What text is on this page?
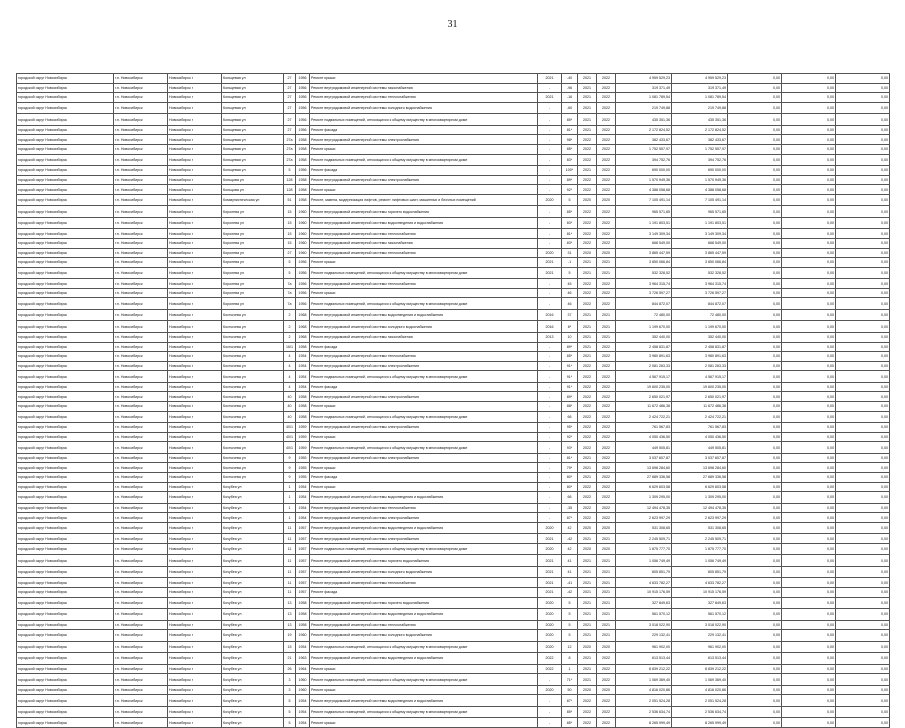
31
городской округ Новосибирск	г.п. Новосибирск	Новосибирск г	Кольцевая ул	27	1956	Ремонт крыши	2021	-40	2021	2022	4 959 529,23	4 959 529,23	0,00	0,00	0,00
городской округ Новосибирск	г.п. Новосибирск	Новосибирск г	Кольцевая ул	27	1956	Ремонт внутридомовой инженерной системы газоснабжения	-	-96	2021	2022	319 371,49	319 371,49	0,00	0,00	0,00
городской округ Новосибирск	г.п. Новосибирск	Новосибирск г	Кольцевая ул	27	1956	Ремонт внутридомовой инженерной системы теплоснабжения	2021	-16	2021	2022	1 081 789,54	1 081 789,54	0,00	0,00	0,00
городской округ Новосибирск	г.п. Новосибирск	Новосибирск г	Кольцевая ул	27	1956	Ремонт внутридомовой инженерной системы холодного водоснабжения	-	-60	2021	2022	219 749,88	219 749,88	0,00	0,00	0,00
городской округ Новосибирск	г.п. Новосибирск	Новосибирск г	Кольцевая ул	27	1956	Ремонт подвальных помещений, относящихся к общему имуществу в многоквартирном доме	-	85*	2021	2022	435 351,36	435 351,36	0,00	0,00	0,00
городской округ Новосибирск	г.п. Новосибирск	Новосибирск г	Кольцевая ул	27	1956	Ремонт фасада	-	81*	2021	2022	2 172 824,52	2 172 824,52	0,00	0,00	0,00
городской округ Новосибирск	г.п. Новосибирск	Новосибирск г	Кольцевая ул	27а	1958	Ремонт внутридомовой инженерной системы электроснабжения	-	98*	2022	2022	382 433,67	382 433,67	0,00	0,00	0,00
городской округ Новосибирск	г.п. Новосибирск	Новосибирск г	Кольцевая ул	27а	1958	Ремонт крыши	-	85*	2022	2022	1 752 557,97	1 752 557,97	0,00	0,00	0,00
городской округ Новосибирск	г.п. Новосибирск	Новосибирск г	Кольцевая ул	27а	1958	Ремонт подвальных помещений, относящихся к общему имуществу в многоквартирном доме	-	83*	2022	2022	394 752,76	394 752,76	0,00	0,00	0,00
городской округ Новосибирск	г.п. Новосибирск	Новосибирск г	Кольцевая ул	5	1956	Ремонт фасада	-	100*	2021	2022	690 000,00	690 000,00	0,00	0,00	0,00
городской округ Новосибирск	г.п. Новосибирск	Новосибирск г	Кольцова ул	128	1958	Ремонт внутридомовой инженерной системы электроснабжения	-	89*	2022	2022	1 570 949,36	1 570 949,36	0,00	0,00	0,00
городской округ Новосибирск	г.п. Новосибирск	Новосибирск г	Кольцова ул	128	1958	Ремонт крыши	-	92*	2022	2022	4 388 058,68	4 388 058,68	0,00	0,00	0,00
городской округ Новосибирск	г.п. Новосибирск	Новосибирск г	Коммунистическая ул	51	1958	Ремонт, замена, модернизация лифтов, ремонт лифтовых шахт, машинных и блочных помещений	2020	5	2020	2020	7 105 491,14	7 105 491,14	0,00	0,00	0,00
городской округ Новосибирск	г.п. Новосибирск	Новосибирск г	Королева ул	15	1960	Ремонт внутридомовой инженерной системы горячего водоснабжения	-	85*	2022	2022	965 571,65	965 571,65	0,00	0,00	0,00
городской округ Новосибирск	г.п. Новосибирск	Новосибирск г	Королева ул	15	1960	Ремонт внутридомовой инженерной системы водоотведения и водоснабжения	-	83*	2022	2022	1 191 803,51	1 191 803,51	0,00	0,00	0,00
городской округ Новосибирск	г.п. Новосибирск	Новосибирск г	Королева ул	15	1960	Ремонт внутридомовой инженерной системы теплоснабжения	-	81*	2022	2022	3 149 309,34	3 149 309,34	0,00	0,00	0,00
городской округ Новосибирск	г.п. Новосибирск	Новосибирск г	Королева ул	15	1960	Ремонт внутридомовой инженерной системы газоснабжения	-	83*	2022	2022	668 549,00	668 549,00	0,00	0,00	0,00
городской округ Новосибирск	г.п. Новосибирск	Новосибирск г	Королева ул	27	1960	Ремонт внутридомовой инженерной системы теплоснабжения	2020	31	2020	2020	3 865 447,59	3 865 447,59	0,00	0,00	0,00
городской округ Новосибирск	г.п. Новосибирск	Новосибирск г	Королева ул	5	1956	Ремонт крыши	2021	-1	2021	2021	3 850 066,84	3 850 066,84	0,00	0,00	0,00
городской округ Новосибирск	г.п. Новосибирск	Новосибирск г	Королева ул	5	1956	Ремонт подвальных помещений, относящихся к общему имуществу в многоквартирном доме	2021	5	2021	2021	532 328,52	532 328,52	0,00	0,00	0,00
городской округ Новосибирск	г.п. Новосибирск	Новосибирск г	Королева ул	7а	1956	Ремонт внутридомовой инженерной системы теплоснабжения	-	45	2022	2022	3 964 315,74	3 964 315,74	0,00	0,00	0,00
городской округ Новосибирск	г.п. Новосибирск	Новосибирск г	Королева ул	7а	1956	Ремонт крыши	-	46	2022	2022	3 726 597,27	3 726 597,27	0,00	0,00	0,00
городской округ Новосибирск	г.п. Новосибирск	Новосибирск г	Королева ул	7а	1956	Ремонт подвальных помещений, относящихся к общему имуществу в многоквартирном доме	-	46	2022	2022	844 872,07	844 872,07	0,00	0,00	0,00
городской округ Новосибирск	г.п. Новосибирск	Новосибирск г	Костычева ул	2	1968	Ремонт внутридомовой инженерной системы водоотведения и водоснабжения	2016	37	2021	2021	72 480,00	72 480,00	0,00	0,00	0,00
городской округ Новосибирск	г.п. Новосибирск	Новосибирск г	Костычева ул	2	1968	Ремонт внутридомовой инженерной системы холодного водоснабжения	2016	8*	2021	2021	1 199 670,00	1 199 670,00	0,00	0,00	0,00
городской округ Новосибирск	г.п. Новосибирск	Новосибирск г	Костычева ул	2	1968	Ремонт внутридомовой инженерной системы газоснабжения	2013	10	2021	2021	352 440,00	352 440,00	0,00	0,00	0,00
городской округ Новосибирск	г.п. Новосибирск	Новосибирск г	Костычева ул	16/1	1958	Ремонт фасада	-	89*	2021	2022	2 458 831,87	2 458 831,87	0,00	0,00	0,00
городской округ Новосибирск	г.п. Новосибирск	Новосибирск г	Костычева ул	4	1954	Ремонт внутридомовой инженерной системы теплоснабжения	-	85*	2021	2022	3 980 891,63	3 980 891,63	0,00	0,00	0,00
городской округ Новосибирск	г.п. Новосибирск	Новосибирск г	Костычева ул	4	1954	Ремонт внутридомовой инженерной системы электроснабжения	-	91*	2022	2022	2 081 263,33	2 081 263,33	0,00	0,00	0,00
городской округ Новосибирск	г.п. Новосибирск	Новосибирск г	Костычева ул	4	1954	Ремонт подвальных помещений, относящихся к общему имуществу в многоквартирном доме	-	91*	2022	2022	4 567 915,17	4 567 915,17	0,00	0,00	0,00
городской округ Новосибирск	г.п. Новосибирск	Новосибирск г	Костычева ул	4	1954	Ремонт фасада	-	91*	2022	2022	19 600 235,00	19 600 235,00	0,00	0,00	0,00
городской округ Новосибирск	г.п. Новосибирск	Новосибирск г	Костычева ул	40	1958	Ремонт внутридомовой инженерной системы электроснабжения	-	89*	2022	2022	2 650 021,97	2 650 021,97	0,00	0,00	0,00
городской округ Новосибирск	г.п. Новосибирск	Новосибирск г	Костычева ул	40	1958	Ремонт крыши	-	88*	2022	2022	11 672 486,38	11 672 486,38	0,00	0,00	0,00
городской округ Новосибирск	г.п. Новосибирск	Новосибирск г	Костычева ул	40	1958	Ремонт подвальных помещений, относящихся к общему имуществу в многоквартирном доме	-	66	2022	2022	2 424 722,21	2 424 722,21	0,00	0,00	0,00
городской округ Новосибирск	г.п. Новосибирск	Новосибирск г	Костычева ул	40/1	1959	Ремонт внутридомовой инженерной системы электроснабжения	-	95*	2022	2022	761 567,83	761 567,83	0,00	0,00	0,00
городской округ Новосибирск	г.п. Новосибирск	Новосибирск г	Костычева ул	40/1	1959	Ремонт крыши	-	92*	2022	2022	4 050 436,50	4 050 436,50	0,00	0,00	0,00
городской округ Новосибирск	г.п. Новосибирск	Новосибирск г	Костычева ул	40/1	1959	Ремонт подвальных помещений, относящихся к общему имуществу в многоквартирном доме	-	93*	2022	2022	449 505,81	449 505,81	0,00	0,00	0,00
городской округ Новосибирск	г.п. Новосибирск	Новосибирск г	Костычева ул	9	1955	Ремонт внутридомовой инженерной системы электроснабжения	-	81*	2021	2022	3 037 607,87	3 037 607,87	0,00	0,00	0,00
городской округ Новосибирск	г.п. Новосибирск	Новосибирск г	Костычева ул	9	1955	Ремонт крыши	-	79*	2021	2022	13 698 284,60	13 698 284,60	0,00	0,00	0,00
городской округ Новосибирск	г.п. Новосибирск	Новосибирск г	Костычева ул	9	1955	Ремонт фасада	-	80*	2021	2022	27 689 336,58	27 689 336,58	0,00	0,00	0,00
городской округ Новосибирск	г.п. Новосибирск	Новосибирск г	Кочубея ул	1	1954	Ремонт крыши	-	80*	2022	2022	6 629 603,58	6 629 603,58	0,00	0,00	0,00
городской округ Новосибирск	г.п. Новосибирск	Новосибирск г	Кочубея ул	1	1954	Ремонт внутридомовой инженерной системы водоотведения и водоснабжения	-	66	2022	2022	1 309 295,00	1 309 295,00	0,00	0,00	0,00
городской округ Новосибирск	г.п. Новосибирск	Новосибирск г	Кочубея ул	1	1954	Ремонт внутридомовой инженерной системы теплоснабжения	-	-35	2022	2022	12 494 478,35	12 494 478,35	0,00	0,00	0,00
городской округ Новосибирск	г.п. Новосибирск	Новосибирск г	Кочубея ул	1	1954	Ремонт внутридомовой инженерной системы электроснабжения	-	87*	2022	2022	2 623 997,29	2 623 997,29	0,00	0,00	0,00
городской округ Новосибирск	г.п. Новосибирск	Новосибирск г	Кочубея ул	11	1957	Ремонт внутридомовой инженерной системы водоотведения и водоснабжения	2020	42	2020	2020	531 308,65	531 308,65	0,00	0,00	0,00
городской округ Новосибирск	г.п. Новосибирск	Новосибирск г	Кочубея ул	11	1957	Ремонт внутридомовой инженерной системы электроснабжения	2021	-42	2021	2021	2 245 509,71	2 245 509,71	0,00	0,00	0,00
городской округ Новосибирск	г.п. Новосибирск	Новосибирск г	Кочубея ул	11	1957	Ремонт подвальных помещений, относящихся к общему имуществу в многоквартирном доме	2020	42	2020	2020	1 875 777,70	1 875 777,70	0,00	0,00	0,00
городской округ Новосибирск	г.п. Новосибирск	Новосибирск г	Кочубея ул	11	1957	Ремонт внутридомовой инженерной системы горячего водоснабжения	2021	41	2021	2021	1 056 749,49	1 056 749,49	0,00	0,00	0,00
городской округ Новосибирск	г.п. Новосибирск	Новосибирск г	Кочубея ул	11	1957	Ремонт внутридомовой инженерной системы холодного водоснабжения	2021	41	2021	2021	805 851,79	805 851,79	0,00	0,00	0,00
городской округ Новосибирск	г.п. Новосибирск	Новосибирск г	Кочубея ул	11	1957	Ремонт внутридомовой инженерной системы теплоснабжения	2021	-41	2021	2021	4 633 782,27	4 633 782,27	0,00	0,00	0,00
городской округ Новосибирск	г.п. Новосибирск	Новосибирск г	Кочубея ул	11	1957	Ремонт фасада	2021	-42	2021	2021	10 915 176,59	10 915 176,59	0,00	0,00	0,00
городской округ Новосибирск	г.п. Новосибирск	Новосибирск г	Кочубея ул	13	1958	Ремонт внутридомовой инженерной системы горячего водоснабжения	2020	5	2021	2021	327 849,63	327 849,63	0,00	0,00	0,00
городской округ Новосибирск	г.п. Новосибирск	Новосибирск г	Кочубея ул	13	1958	Ремонт внутридомовой инженерной системы водоотведения и водоснабжения	2020	5	2021	2021	561 570,12	561 570,12	0,00	0,00	0,00
городской округ Новосибирск	г.п. Новосибирск	Новосибирск г	Кочубея ул	13	1958	Ремонт внутридомовой инженерной системы теплоснабжения	2020	5	2021	2021	3 018 022,90	3 018 022,90	0,00	0,00	0,00
городской округ Новосибирск	г.п. Новосибирск	Новосибирск г	Кочубея ул	19	1960	Ремонт внутридомовой инженерной системы холодного водоснабжения	2020	5	2021	2021	229 132,41	229 132,41	0,00	0,00	0,00
городской округ Новосибирск	г.п. Новосибирск	Новосибирск г	Кочубея ул	15	1954	Ремонт подвальных помещений, относящихся к общему имуществу в многоквартирном доме	2020	12	2020	2020	961 902,00	961 902,00	0,00	0,00	0,00
городской округ Новосибирск	г.п. Новосибирск	Новосибирск г	Кочубея ул	21	1963	Ремонт внутридомовой инженерной системы водоотведения и водоснабжения	2022	8	2021	2022	613 513,44	613 513,44	0,00	0,00	0,00
городской округ Новосибирск	г.п. Новосибирск	Новосибирск г	Кочубея ул	26	1964	Ремонт крыши	2022	1	2021	2022	8 839 212,22	8 839 212,22	0,00	0,00	0,00
городской округ Новосибирск	г.п. Новосибирск	Новосибирск г	Кочубея ул	3	1960	Ремонт подвальных помещений, относящихся к общему имуществу в многоквартирном доме	-	71*	2021	2022	1 069 369,40	1 069 369,40	0,00	0,00	0,00
городской округ Новосибирск	г.п. Новосибирск	Новосибирск г	Кочубея ул	3	1960	Ремонт крыши	2020	50	2020	2020	4 816 020,86	4 816 020,86	0,00	0,00	0,00
городской округ Новосибирск	г.п. Новосибирск	Новосибирск г	Кочубея ул	5	1954	Ремонт внутридомовой инженерной системы водоотведения и водоснабжения	-	87*	2022	2022	2 051 524,28	2 051 524,28	0,00	0,00	0,00
городской округ Новосибирск	г.п. Новосибирск	Новосибирск г	Кочубея ул	5	1954	Ремонт подвальных помещений, относящихся к общему имуществу в многоквартирном доме	-	85*	2022	2022	2 536 634,74	2 536 634,74	0,00	0,00	0,00
городской округ Новосибирск	г.п. Новосибирск	Новосибирск г	Кочубея ул	5	1954	Ремонт крыши	-	85*	2022	2022	8 265 999,49	8 265 999,49	0,00	0,00	0,00
